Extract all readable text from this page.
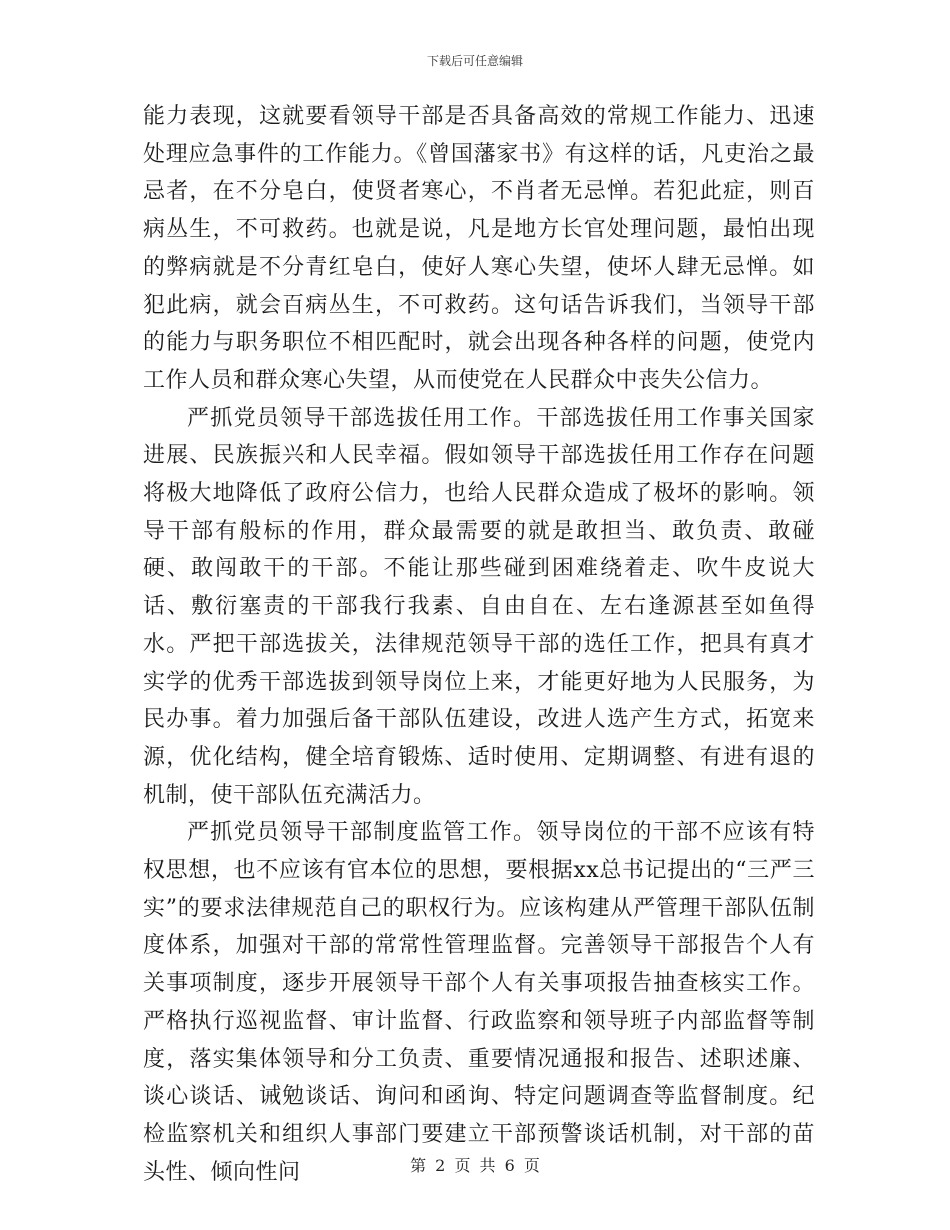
下载后可任意编辑

能力表现，这就要看领导干部是否具备高效的常规工作能力、迅速处理应急事件的工作能力。《曾国藩家书》有这样的话，凡吏治之最忌者，在不分皂白，使贤者寒心，不肖者无忌惮。若犯此症，则百病丛生，不可救药。也就是说，凡是地方长官处理问题，最怕出现的弊病就是不分青红皂白，使好人寒心失望，使坏人肆无忌惮。如犯此病，就会百病丛生，不可救药。这句话告诉我们，当领导干部的能力与职务职位不相匹配时，就会出现各种各样的问题，使党内工作人员和群众寒心失望，从而使党在人民群众中丧失公信力。

严抓党员领导干部选拔任用工作。干部选拔任用工作事关国家进展、民族振兴和人民幸福。假如领导干部选拔任用工作存在问题将极大地降低了政府公信力，也给人民群众造成了极坏的影响。领导干部有般标的作用，群众最需要的就是敢担当、敢负责、敢碰硬、敢闯敢干的干部。不能让那些碰到困难绕着走、吹牛皮说大话、敷衍塞责的干部我行我素、自由自在、左右逢源甚至如鱼得水。严把干部选拔关，法律规范领导干部的选任工作，把具有真才实学的优秀干部选拔到领导岗位上来，才能更好地为人民服务，为民办事。着力加强后备干部队伍建设，改进人选产生方式，拓宽来源，优化结构，健全培育锻炼、适时使用、定期调整、有进有退的机制，使干部队伍充满活力。

严抓党员领导干部制度监管工作。领导岗位的干部不应该有特权思想，也不应该有官本位的思想，要根据xx总书记提出的“三严三实”的要求法律规范自己的职权行为。应该构建从严管理干部队伍制度体系，加强对干部的常常性管理监督。完善领导干部报告个人有关事项制度，逐步开展领导干部个人有关事项报告抽查核实工作。严格执行巡视监督、审计监督、行政监察和领导班子内部监督等制度，落实集体领导和分工负责、重要情况通报和报告、述职述廉、谈心谈话、诫勉谈话、询问和函询、特定问题调查等监督制度。纪检监察机关和组织人事部门要建立干部预警谈话机制，对干部的苗头性、倾向性问	第 2 页 共 6 页
